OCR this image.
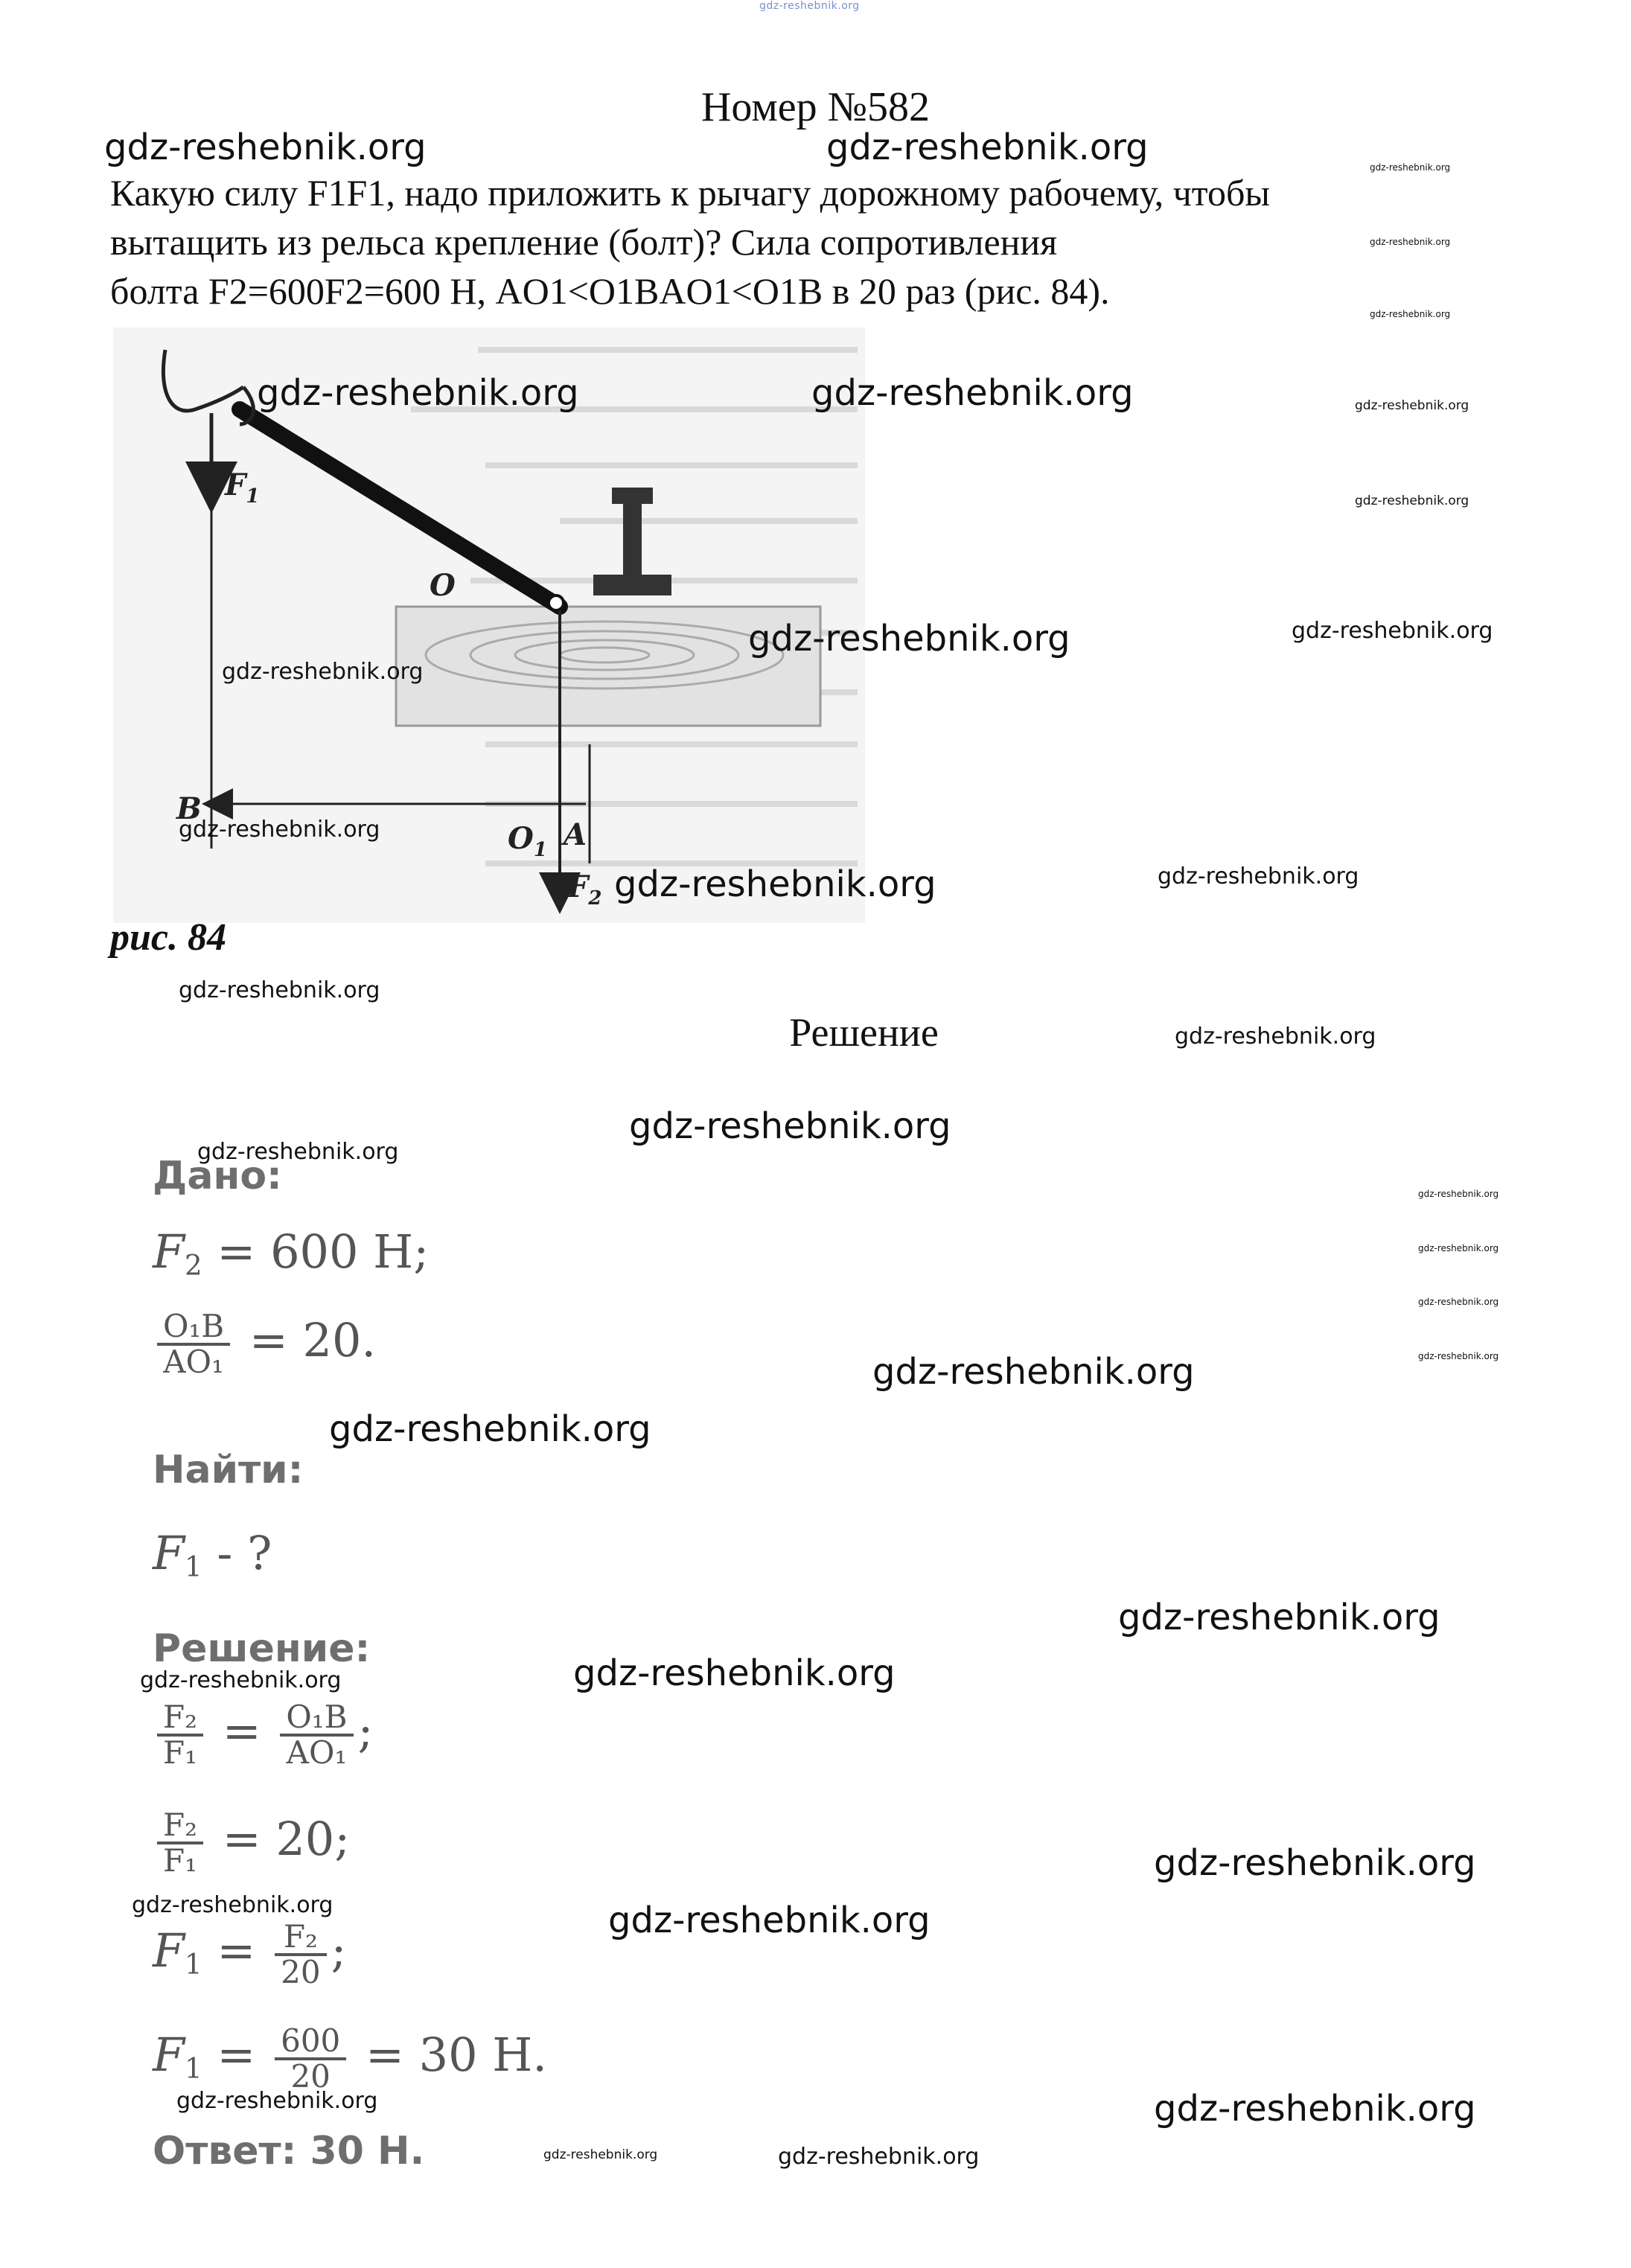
gdz-reshebnik.org
Номер №582
Какую силу F1F1, надо приложить к рычагу дорожному рабочему, чтобы
вытащить из рельса крепление (болт)? Сила сопротивления
болта F2=600F2=600 Н, AO1<O1BAO1<O1B в 20 раз (рис. 84).
$F_1$
O
B
$O_1$ A
$F_2$
рис. 84
Решение
Дано:
$F_2 = 600$ Н;
$\frac{\text{O₁B}}{\text{AO₁}} = 20$.
Найти:
$F_1$ - ?
Решение:
$\frac{\text{F₂}}{\text{F₁}} = \frac{\text{O₁B}}{\text{AO₁}}$ ;
$\frac{\text{F₂}}{\text{F₁}} = 20$;
$F_1 = \frac{\text{F₂}}{20}$ ;
$F_1 = \frac{600}{20} = 30$ Н.
Ответ: 30 Н.
gdz-reshebnik.org	gdz-reshebnik.org	gdz-reshebnik.org
gdz-reshebnik.org
gdz-reshebnik.org
gdz-reshebnik.org	gdz-reshebnik.org	gdz-reshebnik.org
gdz-reshebnik.org
gdz-reshebnik.org	gdz-reshebnik.org
gdz-reshebnik.org
gdz-reshebnik.org
gdz-reshebnik.org
gdz-reshebnik.org
gdz-reshebnik.org
gdz-reshebnik.org
gdz-reshebnik.org
gdz-reshebnik.org
gdz-reshebnik.org
gdz-reshebnik.org
gdz-reshebnik.org
gdz-reshebnik.org
gdz-reshebnik.org
gdz-reshebnik.org
gdz-reshebnik.org
gdz-reshebnik.org	gdz-reshebnik.org
gdz-reshebnik.org
gdz-reshebnik.org	gdz-reshebnik.org
gdz-reshebnik.org	gdz-reshebnik.org
gdz-reshebnik.org	gdz-reshebnik.org
